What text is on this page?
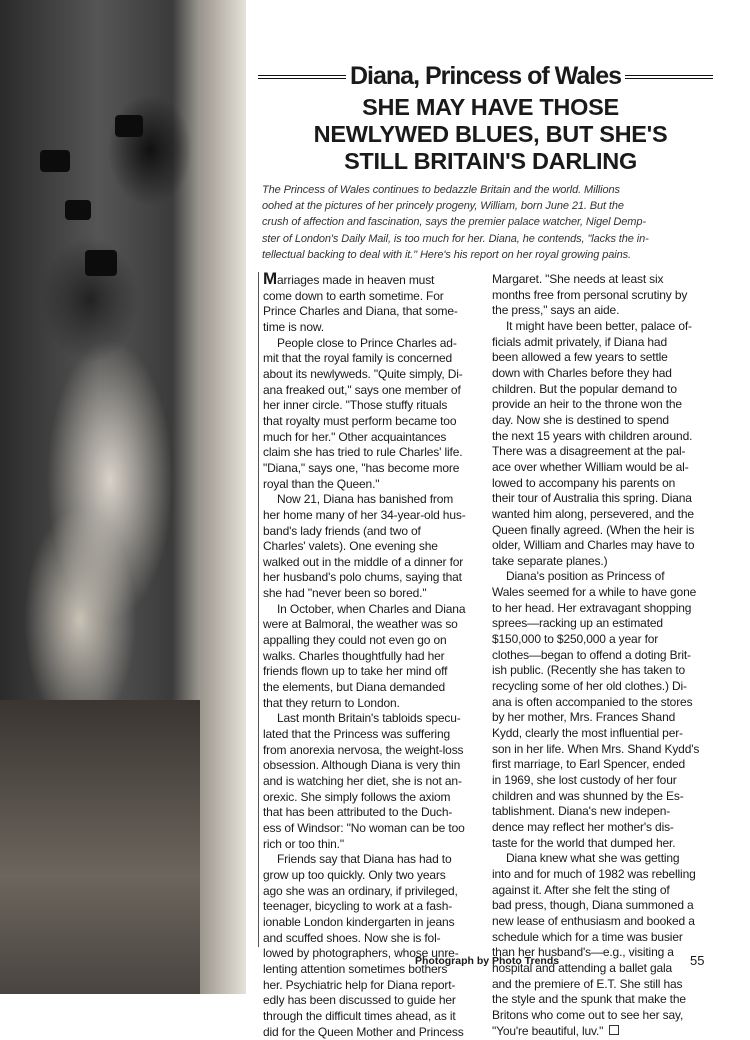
Diana, Princess of Wales
SHE MAY HAVE THOSE
NEWLYWED BLUES, BUT SHE'S
STILL BRITAIN'S DARLING
The Princess of Wales continues to bedazzle Britain and the world. Millions
oohed at the pictures of her princely progeny, William, born June 21. But the
crush of affection and fascination, says the premier palace watcher, Nigel Demp-
ster of London's Daily Mail, is too much for her. Diana, he contends, "lacks the in-
tellectual backing to deal with it." Here's his report on her royal growing pains.
Marriages made in heaven must
come down to earth sometime. For
Prince Charles and Diana, that some-
time is now.
People close to Prince Charles ad-
mit that the royal family is concerned
about its newlyweds. "Quite simply, Di-
ana freaked out," says one member of
her inner circle. "Those stuffy rituals
that royalty must perform became too
much for her." Other acquaintances
claim she has tried to rule Charles' life.
"Diana," says one, "has become more
royal than the Queen."
Now 21, Diana has banished from
her home many of her 34-year-old hus-
band's lady friends (and two of
Charles' valets). One evening she
walked out in the middle of a dinner for
her husband's polo chums, saying that
she had "never been so bored."
In October, when Charles and Diana
were at Balmoral, the weather was so
appalling they could not even go on
walks. Charles thoughtfully had her
friends flown up to take her mind off
the elements, but Diana demanded
that they return to London.
Last month Britain's tabloids specu-
lated that the Princess was suffering
from anorexia nervosa, the weight-loss
obsession. Although Diana is very thin
and is watching her diet, she is not an-
orexic. She simply follows the axiom
that has been attributed to the Duch-
ess of Windsor: "No woman can be too
rich or too thin."
Friends say that Diana has had to
grow up too quickly. Only two years
ago she was an ordinary, if privileged,
teenager, bicycling to work at a fash-
ionable London kindergarten in jeans
and scuffed shoes. Now she is fol-
lowed by photographers, whose unre-
lenting attention sometimes bothers
her. Psychiatric help for Diana report-
edly has been discussed to guide her
through the difficult times ahead, as it
did for the Queen Mother and Princess
Margaret. "She needs at least six
months free from personal scrutiny by
the press," says an aide.
It might have been better, palace of-
ficials admit privately, if Diana had
been allowed a few years to settle
down with Charles before they had
children. But the popular demand to
provide an heir to the throne won the
day. Now she is destined to spend
the next 15 years with children around.
There was a disagreement at the pal-
ace over whether William would be al-
lowed to accompany his parents on
their tour of Australia this spring. Diana
wanted him along, persevered, and the
Queen finally agreed. (When the heir is
older, William and Charles may have to
take separate planes.)
Diana's position as Princess of
Wales seemed for a while to have gone
to her head. Her extravagant shopping
sprees—racking up an estimated
$150,000 to $250,000 a year for
clothes—began to offend a doting Brit-
ish public. (Recently she has taken to
recycling some of her old clothes.) Di-
ana is often accompanied to the stores
by her mother, Mrs. Frances Shand
Kydd, clearly the most influential per-
son in her life. When Mrs. Shand Kydd's
first marriage, to Earl Spencer, ended
in 1969, she lost custody of her four
children and was shunned by the Es-
tablishment. Diana's new indepen-
dence may reflect her mother's dis-
taste for the world that dumped her.
Diana knew what she was getting
into and for much of 1982 was rebelling
against it. After she felt the sting of
bad press, though, Diana summoned a
new lease of enthusiasm and booked a
schedule which for a time was busier
than her husband's—e.g., visiting a
hospital and attending a ballet gala
and the premiere of E.T. She still has
the style and the spunk that make the
Britons who come out to see her say,
"You're beautiful, luv."
Photograph by Photo Trends	55
